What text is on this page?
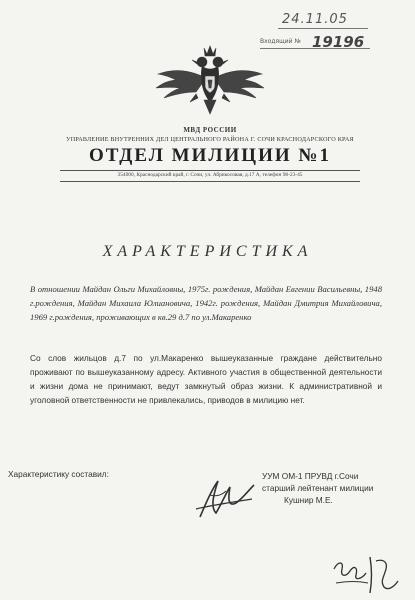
24.11.05
Входящий № 19196
МВД РОССИИ
УПРАВЛЕНИЕ ВНУТРЕННИХ ДЕЛ ЦЕНТРАЛЬНОГО РАЙОНА Г. СОЧИ КРАСНОДАРСКОГО КРАЯ
ОТДЕЛ МИЛИЦИИ №1
354000, Краснодарский край, г. Сочи, ул. Абрикосовая, д.17 А, телефон 98-23-45
ХАРАКТЕРИСТИКА
В отношении Майдан Ольги Михайловны, 1975г. рождения, Майдан Евгении Васильевны, 1948 г.рождения, Майдан Михаила Юлиановича, 1942г. рождения, Майдан Дмитрия Михайловича, 1969 г.рождения, проживающих в кв.29 д.7 по ул.Макаренко
Со слов жильцов д.7 по ул.Макаренко вышеуказанные граждане действительно проживают по вышеуказанному адресу. Активного участия в общественной деятельности и жизни дома не принимают, ведут замкнутый образ жизни. К административной и уголовной ответственности не привлекались, приводов в милицию нет.
Характеристику составил:	УУМ ОМ-1 ПРУВД г.Сочи
старший лейтенант милиции
Кушнир М.Е.
